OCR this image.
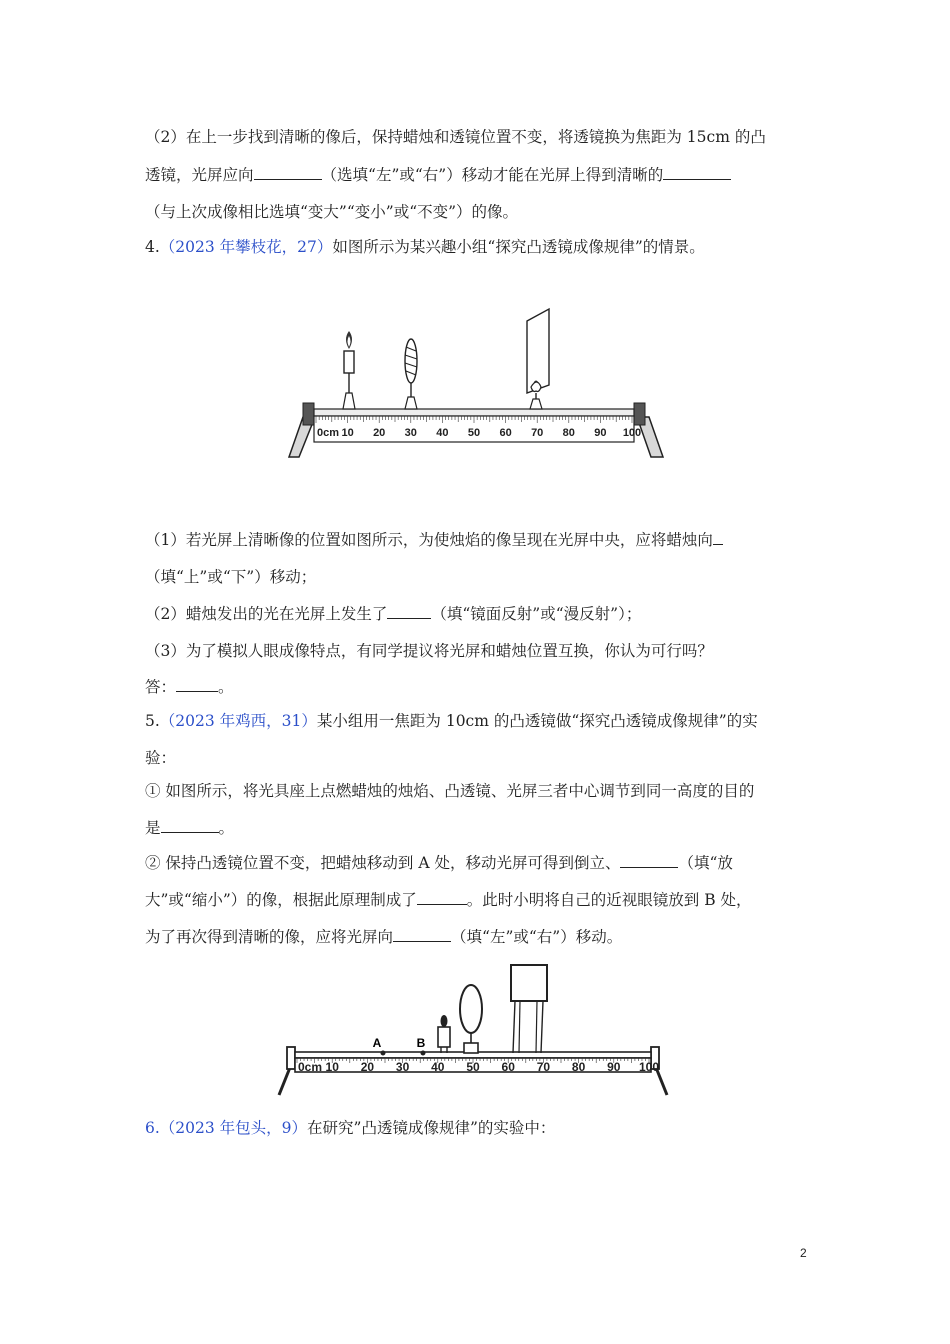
（2）在上一步找到清晰的像后，保持蜡烛和透镜位置不变，将透镜换为焦距为 15cm 的凸
透镜，光屏应向	（选填“左”或“右”）移动才能在光屏上得到清晰的
（与上次成像相比选填“变大”“变小”或“不变”）的像。
4.（2023 年攀枝花，27）如图所示为某兴趣小组“探究凸透镜成像规律”的情景。
0cm 10 20 30 40 50 60 70 80 90 100
（1）若光屏上清晰像的位置如图所示，为使烛焰的像呈现在光屏中央，应将蜡烛向
（填“上”或“下”）移动；
（2）蜡烛发出的光在光屏上发生了	（填“镜面反射”或“漫反射”）；
（3）为了模拟人眼成像特点，有同学提议将光屏和蜡烛位置互换，你认为可行吗？
答：	。
5.（2023 年鸡西，31）某小组用一焦距为 10cm 的凸透镜做“探究凸透镜成像规律”的实
验：
① 如图所示，将光具座上点燃蜡烛的烛焰、凸透镜、光屏三者中心调节到同一高度的目的
是	。
② 保持凸透镜位置不变，把蜡烛移动到 A 处，移动光屏可得到倒立、	（填“放
大”或“缩小”）的像，根据此原理制成了	。此时小明将自己的近视眼镜放到 B 处，
为了再次得到清晰的像，应将光屏向	（填“左”或“右”）移动。
0cm 10 20 30 40 50 60 70 80 90 100
A	B
6.（2023 年包头，9）在研究”凸透镜成像规律”的实验中：
2
